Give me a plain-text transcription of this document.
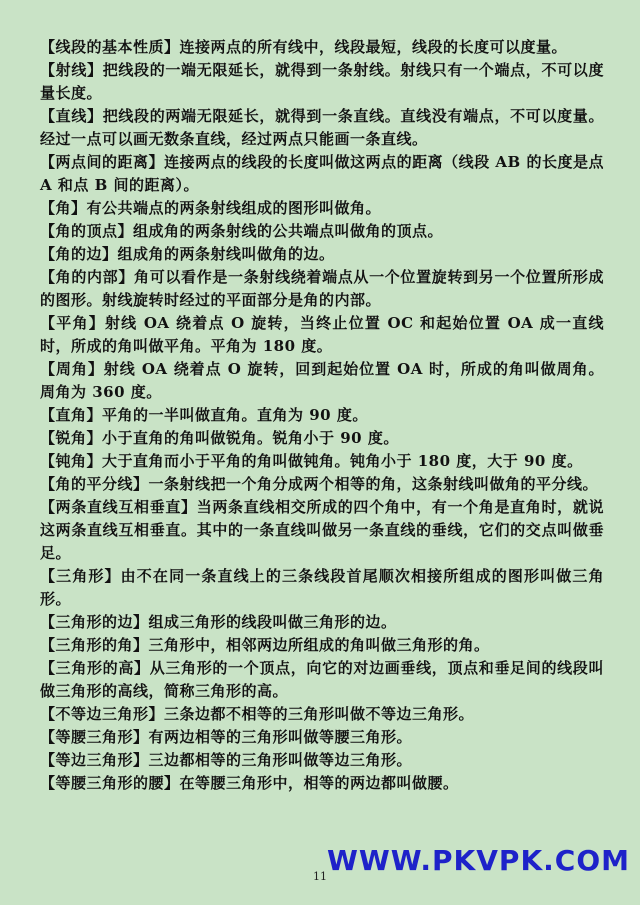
【线段的基本性质】连接两点的所有线中，线段最短，线段的长度可以度量。

【射线】把线段的一端无限延长，就得到一条射线。射线只有一个端点，不可以度量长度。

【直线】把线段的两端无限延长，就得到一条直线。直线没有端点，不可以度量。经过一点可以画无数条直线，经过两点只能画一条直线。

【两点间的距离】连接两点的线段的长度叫做这两点的距离（线段 AB 的长度是点 A 和点 B 间的距离）。

【角】有公共端点的两条射线组成的图形叫做角。

【角的顶点】组成角的两条射线的公共端点叫做角的顶点。

【角的边】组成角的两条射线叫做角的边。

【角的内部】角可以看作是一条射线绕着端点从一个位置旋转到另一个位置所形成的图形。射线旋转时经过的平面部分是角的内部。

【平角】射线 OA 绕着点 O 旋转，当终止位置 OC 和起始位置 OA 成一直线时，所成的角叫做平角。平角为 180 度。

【周角】射线 OA 绕着点 O 旋转，回到起始位置 OA 时，所成的角叫做周角。周角为 360 度。

【直角】平角的一半叫做直角。直角为 90 度。

【锐角】小于直角的角叫做锐角。锐角小于 90 度。

【钝角】大于直角而小于平角的角叫做钝角。钝角小于 180 度，大于 90 度。

【角的平分线】一条射线把一个角分成两个相等的角，这条射线叫做角的平分线。

【两条直线互相垂直】当两条直线相交所成的四个角中，有一个角是直角时，就说这两条直线互相垂直。其中的一条直线叫做另一条直线的垂线，它们的交点叫做垂足。

【三角形】由不在同一条直线上的三条线段首尾顺次相接所组成的图形叫做三角形。

【三角形的边】组成三角形的线段叫做三角形的边。

【三角形的角】三角形中，相邻两边所组成的角叫做三角形的角。

【三角形的高】从三角形的一个顶点，向它的对边画垂线，顶点和垂足间的线段叫做三角形的高线，简称三角形的高。

【不等边三角形】三条边都不相等的三角形叫做不等边三角形。

【等腰三角形】有两边相等的三角形叫做等腰三角形。

【等边三角形】三边都相等的三角形叫做等边三角形。

【等腰三角形的腰】在等腰三角形中，相等的两边都叫做腰。

WWW.PKVPK.COM
11
